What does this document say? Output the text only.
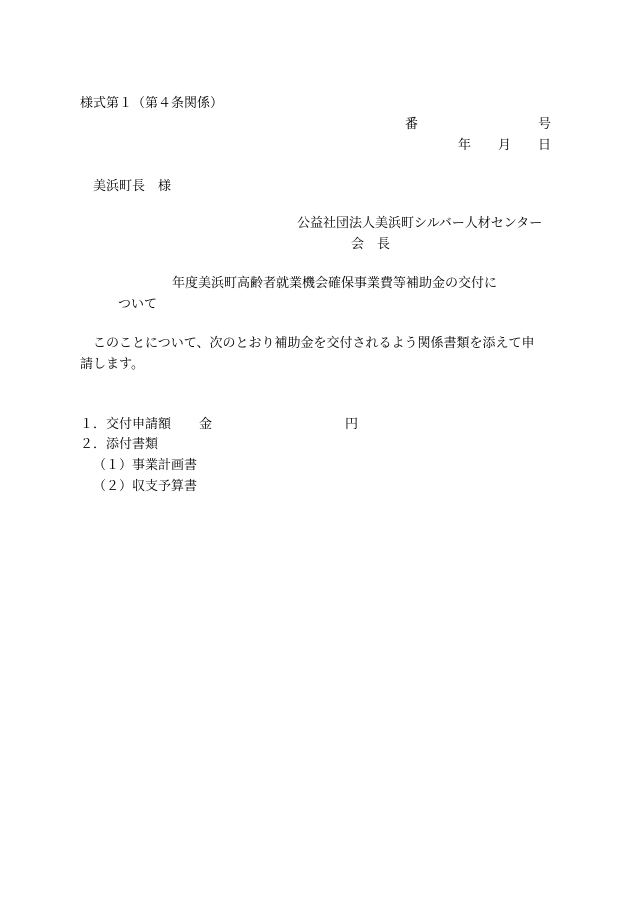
様式第１（第４条関係）
番	号
年 月 日
美浜町長　様
公益社団法人美浜町シルバー人材センター
会　長
年度美浜町高齢者就業機会確保事業費等補助金の交付に
ついて
このことについて、次のとおり補助金を交付されるよう関係書類を添えて申
請します。
１．交付申請額 金	円
２．添付書類
（１）事業計画書
（２）収支予算書
